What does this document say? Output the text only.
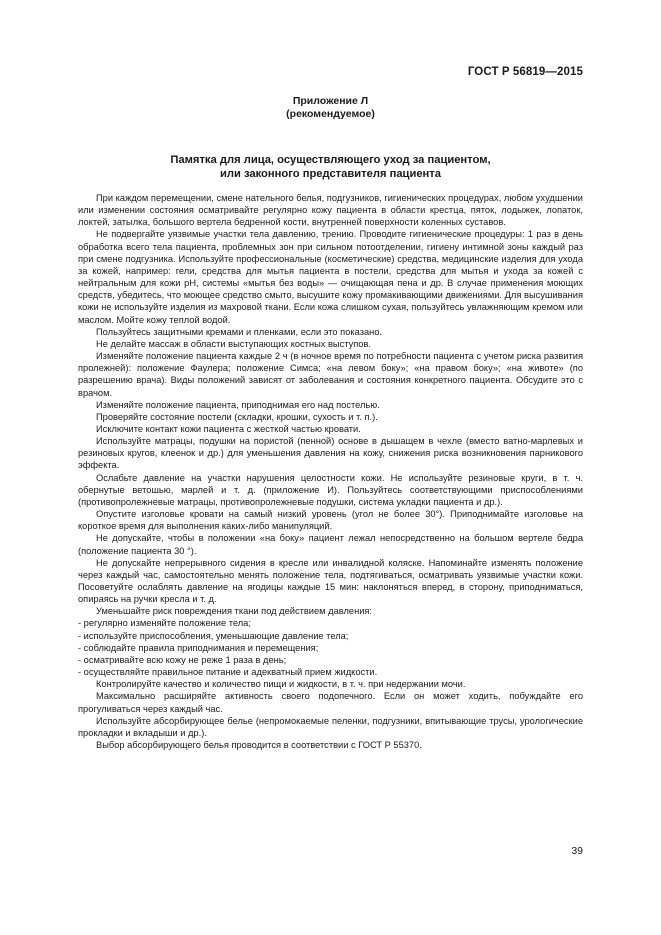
ГОСТ Р 56819—2015
Приложение Л
(рекомендуемое)
Памятка для лица, осуществляющего уход за пациентом,
или законного представителя пациента

При каждом перемещении, смене нательного белья, подгузников, гигиенических процедурах, любом ухудшении или изменении состояния осматривайте регулярно кожу пациента в области крестца, пяток, лодыжек, лопаток, локтей, затылка, большого вертела бедренной кости, внутренней поверхности коленных суставов.

Не подвергайте уязвимые участки тела давлению, трению. Проводите гигиенические процедуры: 1 раз в день обработка всего тела пациента, проблемных зон при сильном потоотделении, гигиену интимной зоны каждый раз при смене подгузника. Используйте профессиональные (косметические) средства, медицинские изделия для ухода за кожей, например: гели, средства для мытья пациента в постели, средства для мытья и ухода за кожей с нейтральным для кожи pH, системы «мытья без воды» — очищающая пена и др. В случае применения моющих средств, убедитесь, что моющее средство смыто, высушите кожу промакивающими движениями. Для высушивания кожи не используйте изделия из махровой ткани. Если кожа слишком сухая, пользуйтесь увлажняющим кремом или маслом. Мойте кожу теплой водой.

Пользуйтесь защитными кремами и пленками, если это показано.

Не делайте массаж в области выступающих костных выступов.

Изменяйте положение пациента каждые 2 ч (в ночное время по потребности пациента с учетом риска развития пролежней): положение Фаулера; положение Симса; «на левом боку»; «на правом боку»; «на животе» (по разрешению врача). Виды положений зависят от заболевания и состояния конкретного пациента. Обсудите это с врачом.

Изменяйте положение пациента, приподнимая его над постелью.

Проверяйте состояние постели (складки, крошки, сухость и т. п.).

Исключите контакт кожи пациента с жесткой частью кровати.

Используйте матрацы, подушки на пористой (пенной) основе в дышащем в чехле (вместо ватно-марлевых и резиновых кругов, клеенок и др.) для уменьшения давления на кожу, снижения риска возникновения парникового эффекта.

Ослабьте давление на участки нарушения целостности кожи. Не используйте резиновые круги, в т. ч. обернутые ветошью, марлей и т. д. (приложение И). Пользуйтесь соответствующими приспособлениями (противопролежневые матрацы, противопролежневые подушки, система укладки пациента и др.).

Опустите изголовье кровати на самый низкий уровень (угол не более 30°). Приподнимайте изголовье на короткое время для выполнения каких-либо манипуляций.

Не допускайте, чтобы в положении «на боку» пациент лежал непосредственно на большом вертеле бедра (положение пациента 30 °).

Не допускайте непрерывного сидения в кресле или инвалидной коляске. Напоминайте изменять положение через каждый час, самостоятельно менять положение тела, подтягиваться, осматривать уязвимые участки кожи. Посоветуйте ослаблять давление на ягодицы каждые 15 мин: наклоняться вперед, в сторону, приподниматься, опираясь на ручки кресла и т. д.

Уменьшайте риск повреждения ткани под действием давления:

- регулярно изменяйте положение тела;

- используйте приспособления, уменьшающие давление тела;

- соблюдайте правила приподнимания и перемещения;

- осматривайте всю кожу не реже 1 раза в день;

- осуществляйте правильное питание и адекватный прием жидкости.

Контролируйте качество и количество пищи и жидкости, в т. ч. при недержании мочи.

Максимально расширяйте активность своего подопечного. Если он может ходить, побуждайте его прогуливаться через каждый час.

Используйте абсорбирующее белье (непромокаемые пеленки, подгузники, впитывающие трусы, урологические прокладки и вкладыши и др.).

Выбор абсорбирующего белья проводится в соответствии с ГОСТ Р 55370.

39
